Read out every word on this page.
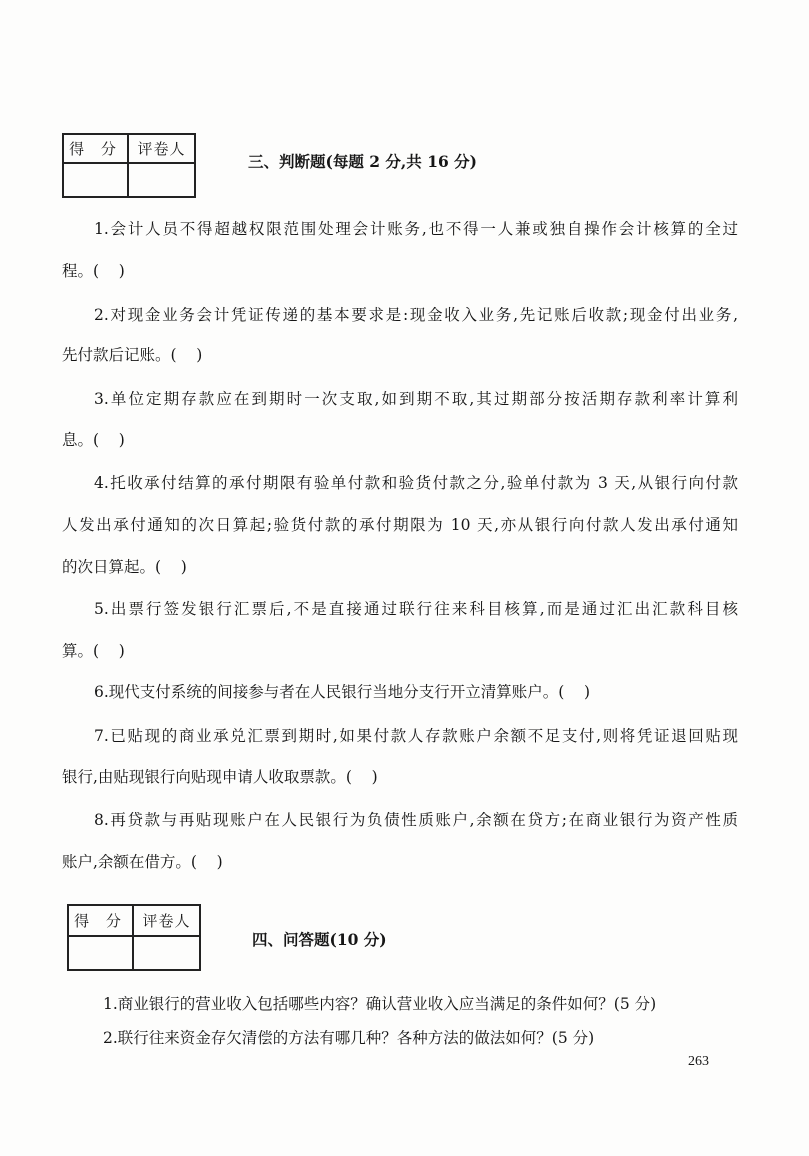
得 分	评卷人
三、判断题(每题 2 分,共 16 分)
1.会计人员不得超越权限范围处理会计账务,也不得一人兼或独自操作会计核算的全过
程。(    )
2.对现金业务会计凭证传递的基本要求是:现金收入业务,先记账后收款;现金付出业务,
先付款后记账。(    )
3.单位定期存款应在到期时一次支取,如到期不取,其过期部分按活期存款利率计算利
息。(    )
4.托收承付结算的承付期限有验单付款和验货付款之分,验单付款为 3 天,从银行向付款
人发出承付通知的次日算起;验货付款的承付期限为 10 天,亦从银行向付款人发出承付通知
的次日算起。(    )
5.出票行签发银行汇票后,不是直接通过联行往来科目核算,而是通过汇出汇款科目核
算。(    )
6.现代支付系统的间接参与者在人民银行当地分支行开立清算账户。(    )
7.已贴现的商业承兑汇票到期时,如果付款人存款账户余额不足支付,则将凭证退回贴现
银行,由贴现银行向贴现申请人收取票款。(    )
8.再贷款与再贴现账户在人民银行为负债性质账户,余额在贷方;在商业银行为资产性质
账户,余额在借方。(    )
得 分	评卷人
四、问答题(10 分)
1.商业银行的营业收入包括哪些内容？确认营业收入应当满足的条件如何？(5 分)
2.联行往来资金存欠清偿的方法有哪几种？各种方法的做法如何？(5 分)
263
